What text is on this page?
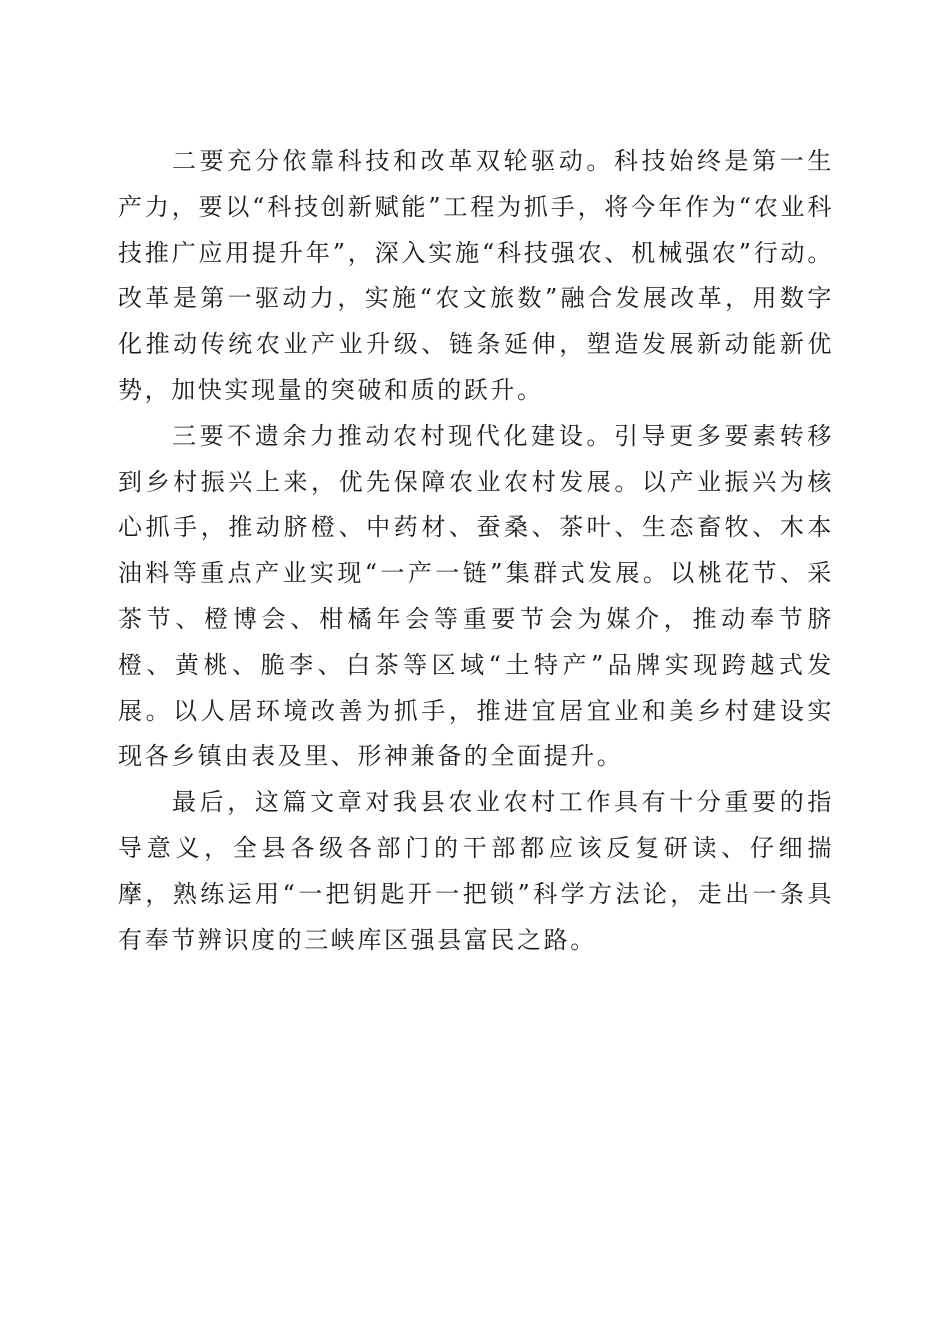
二要充分依靠科技和改革双轮驱动。科技始终是第一生产力，要以“科技创新赋能”工程为抓手，将今年作为“农业科技推广应用提升年”，深入实施“科技强农、机械强农”行动。改革是第一驱动力，实施“农文旅数”融合发展改革，用数字化推动传统农业产业升级、链条延伸，塑造发展新动能新优势，加快实现量的突破和质的跃升。

三要不遗余力推动农村现代化建设。引导更多要素转移到乡村振兴上来，优先保障农业农村发展。以产业振兴为核心抓手，推动脐橙、中药材、蚕桑、茶叶、生态畜牧、木本油料等重点产业实现“一产一链”集群式发展。以桃花节、采茶节、橙博会、柑橘年会等重要节会为媒介，推动奉节脐橙、黄桃、脆李、白茶等区域“土特产”品牌实现跨越式发展。以人居环境改善为抓手，推进宜居宜业和美乡村建设实现各乡镇由表及里、形神兼备的全面提升。

最后，这篇文章对我县农业农村工作具有十分重要的指导意义，全县各级各部门的干部都应该反复研读、仔细揣摩，熟练运用“一把钥匙开一把锁”科学方法论，走出一条具有奉节辨识度的三峡库区强县富民之路。
